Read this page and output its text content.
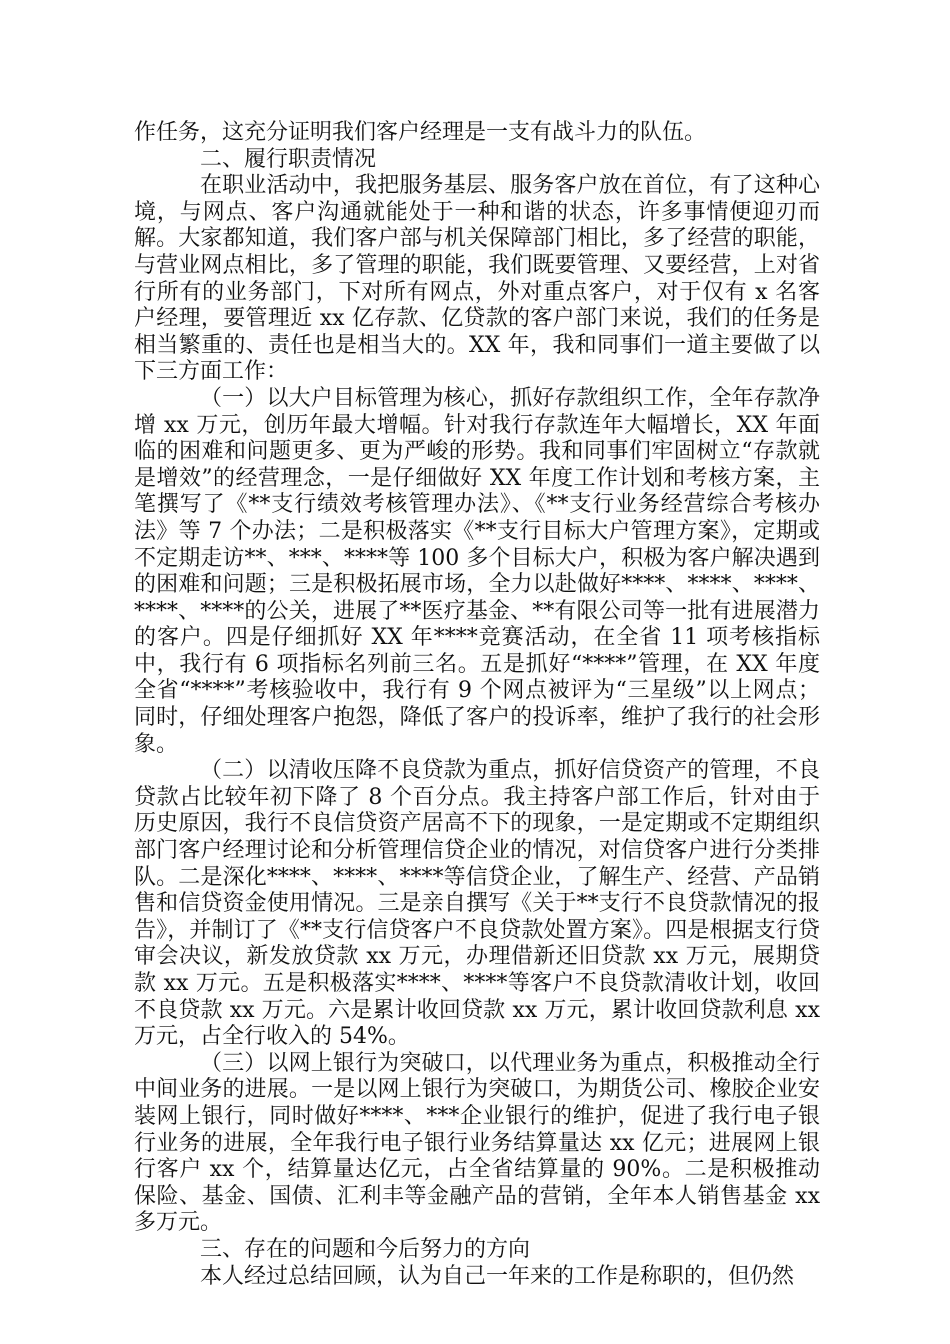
作任务，这充分证明我们客户经理是一支有战斗力的队伍。

二、履行职责情况

在职业活动中，我把服务基层、服务客户放在首位，有了这种心境，与网点、客户沟通就能处于一种和谐的状态，许多事情便迎刃而解。大家都知道，我们客户部与机关保障部门相比，多了经营的职能，与营业网点相比，多了管理的职能，我们既要管理、又要经营，上对省行所有的业务部门，下对所有网点，外对重点客户，对于仅有 x 名客户经理，要管理近 xx 亿存款、亿贷款的客户部门来说，我们的任务是相当繁重的、责任也是相当大的。XX 年，我和同事们一道主要做了以下三方面工作：

（一）以大户目标管理为核心，抓好存款组织工作，全年存款净增 xx 万元，创历年最大增幅。针对我行存款连年大幅增长，XX 年面临的困难和问题更多、更为严峻的形势。我和同事们牢固树立“存款就是增效”的经营理念，一是仔细做好 XX 年度工作计划和考核方案，主笔撰写了《**支行绩效考核管理办法》、《**支行业务经营综合考核办法》等 7 个办法；二是积极落实《**支行目标大户管理方案》，定期或不定期走访**、***、****等 100 多个目标大户，积极为客户解决遇到的困难和问题；三是积极拓展市场，全力以赴做好****、****、****、****、****的公关，进展了**医疗基金、**有限公司等一批有进展潜力的客户。四是仔细抓好 XX 年****竞赛活动，在全省 11 项考核指标中，我行有 6 项指标名列前三名。五是抓好“****”管理，在 XX 年度全省“****”考核验收中，我行有 9 个网点被评为“三星级”以上网点；同时，仔细处理客户抱怨，降低了客户的投诉率，维护了我行的社会形象。

（二）以清收压降不良贷款为重点，抓好信贷资产的管理，不良贷款占比较年初下降了 8 个百分点。我主持客户部工作后，针对由于历史原因，我行不良信贷资产居高不下的现象，一是定期或不定期组织部门客户经理讨论和分析管理信贷企业的情况，对信贷客户进行分类排队。二是深化****、****、****等信贷企业，了解生产、经营、产品销售和信贷资金使用情况。三是亲自撰写《关于**支行不良贷款情况的报告》，并制订了《**支行信贷客户不良贷款处置方案》。四是根据支行贷审会决议，新发放贷款 xx 万元，办理借新还旧贷款 xx 万元，展期贷款 xx 万元。五是积极落实****、****等客户不良贷款清收计划，收回不良贷款 xx 万元。六是累计收回贷款 xx 万元，累计收回贷款利息 xx 万元，占全行收入的 54%。

（三）以网上银行为突破口，以代理业务为重点，积极推动全行中间业务的进展。一是以网上银行为突破口，为期货公司、橡胶企业安装网上银行，同时做好****、***企业银行的维护，促进了我行电子银行业务的进展，全年我行电子银行业务结算量达 xx 亿元；进展网上银行客户 xx 个，结算量达亿元，占全省结算量的 90%。二是积极推动保险、基金、国债、汇利丰等金融产品的营销，全年本人销售基金 xx 多万元。

三、存在的问题和今后努力的方向

本人经过总结回顾，认为自己一年来的工作是称职的，但仍然
